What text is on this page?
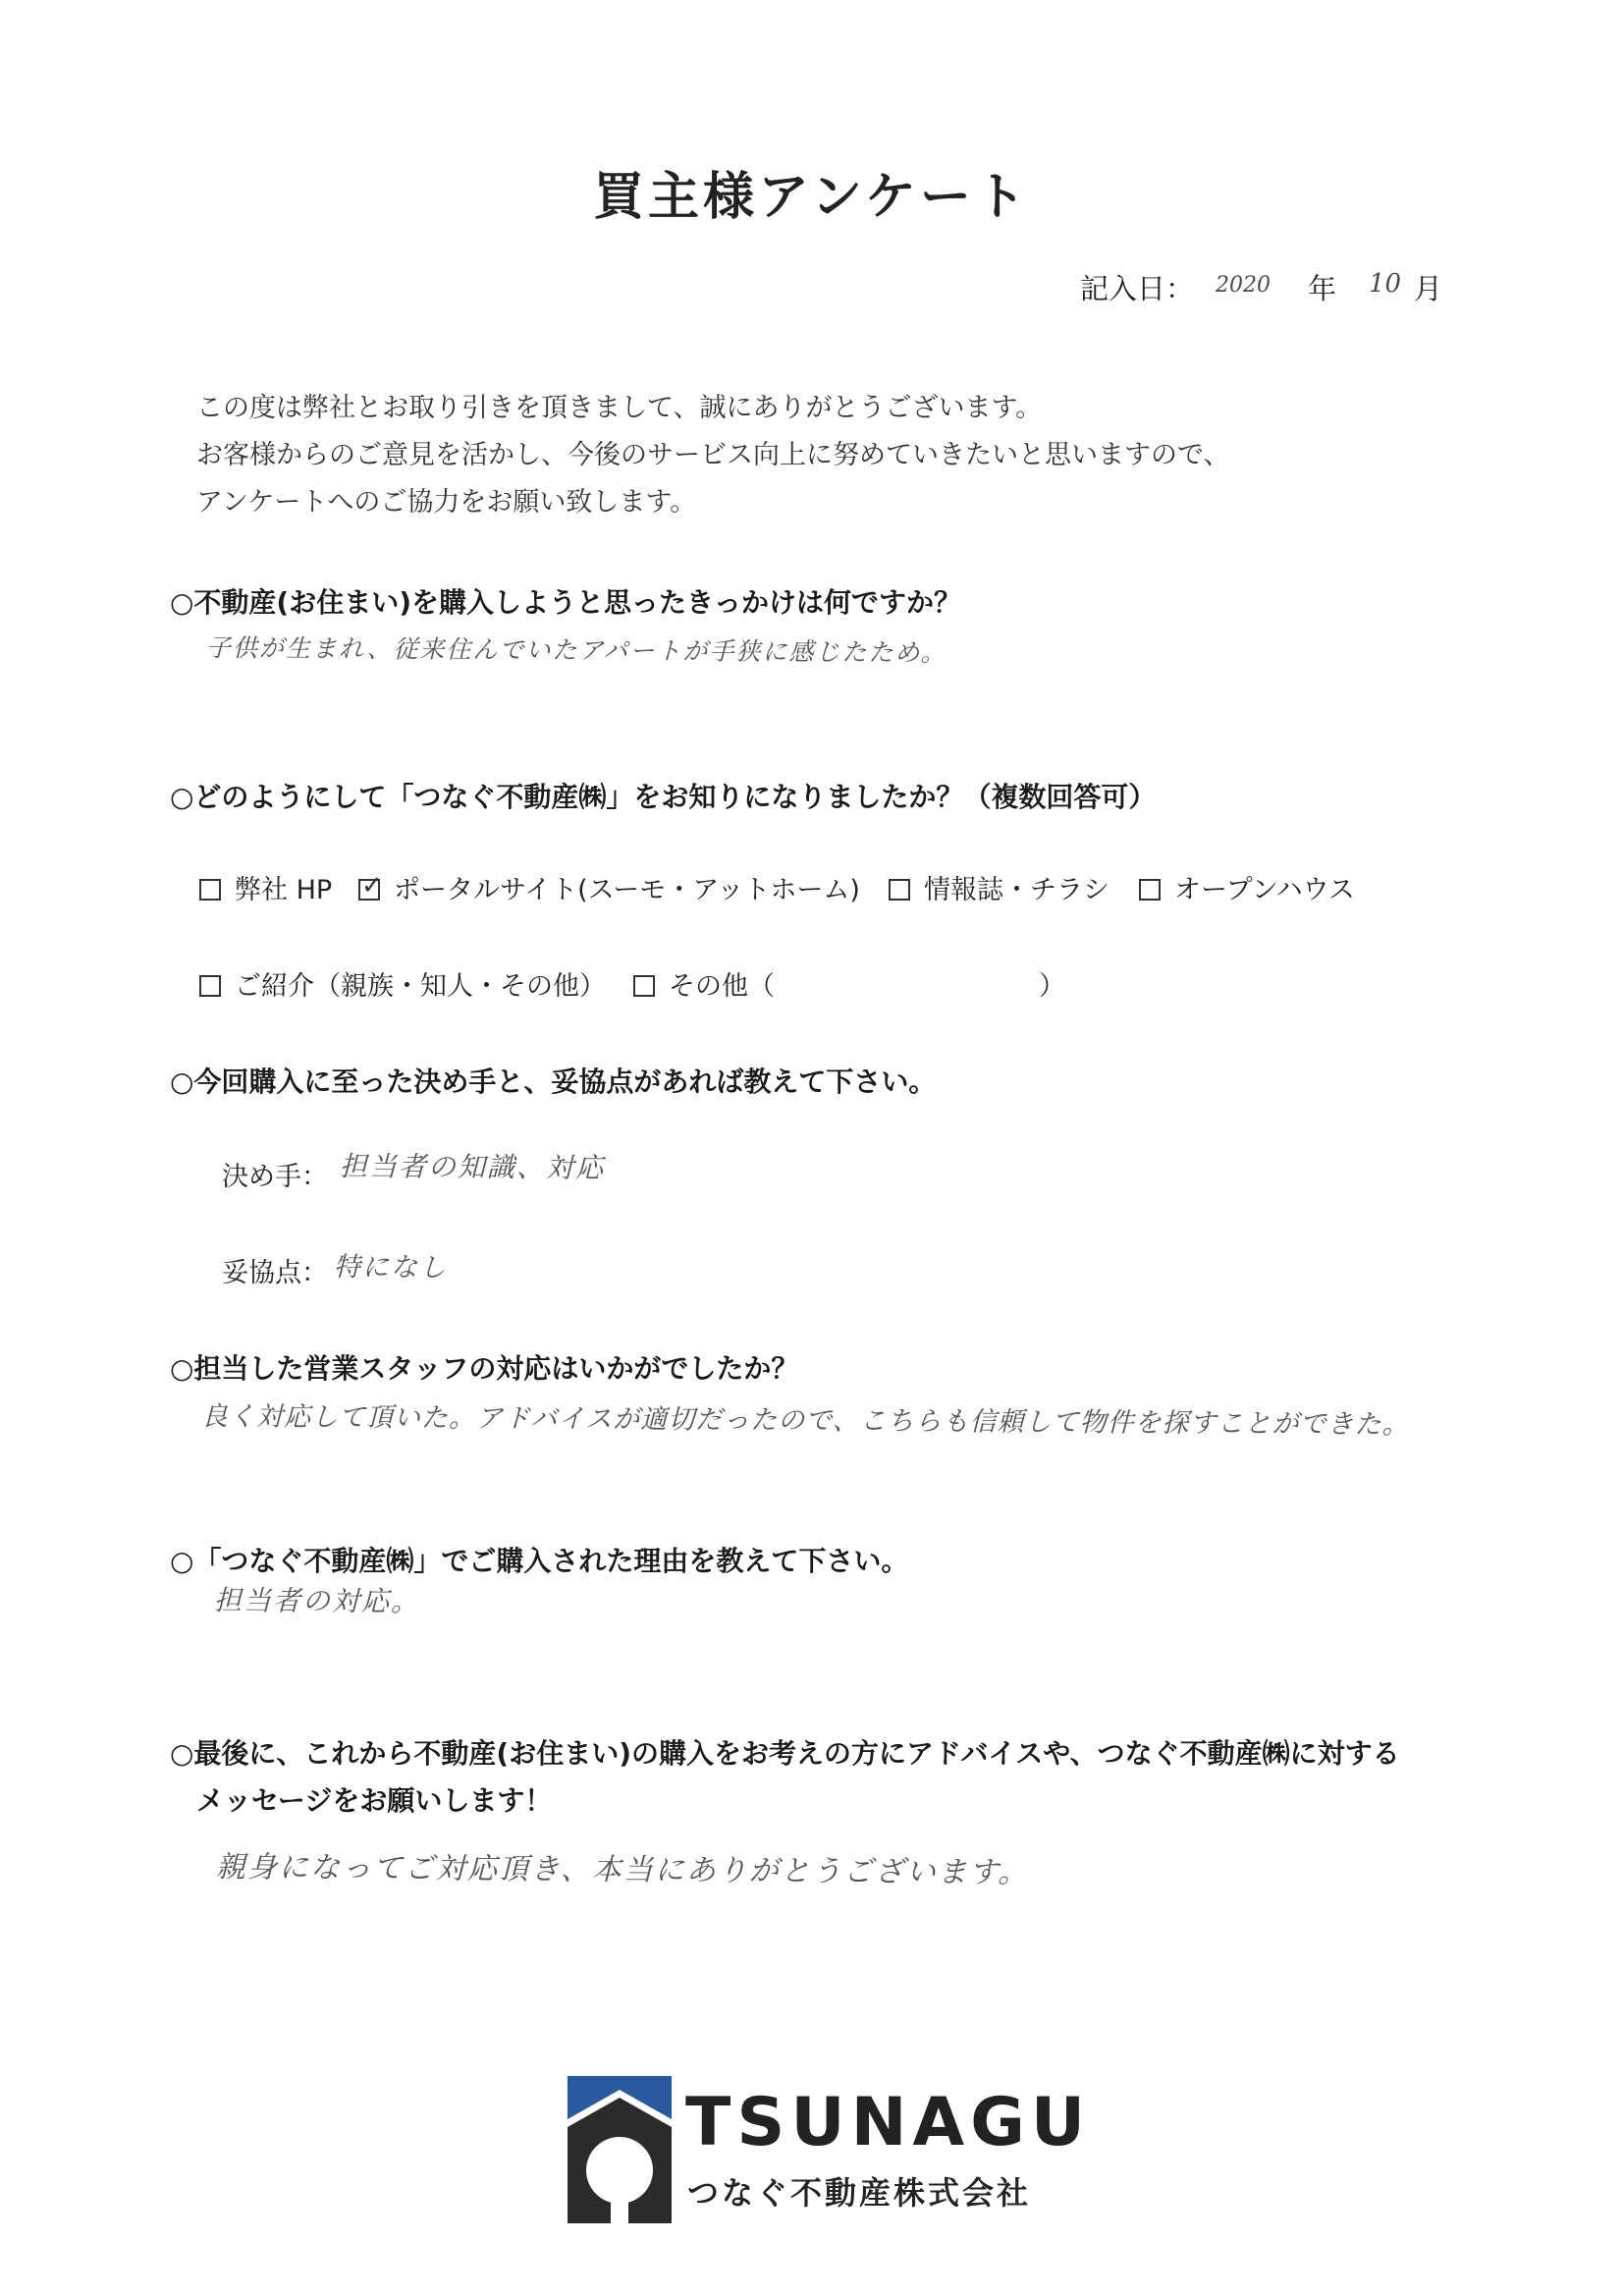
買主様アンケート
記入日： 2020 年 10 月
この度は弊社とお取り引きを頂きまして、誠にありがとうございます。
お客様からのご意見を活かし、今後のサービス向上に努めていきたいと思いますので、
アンケートへのご協力をお願い致します。
○不動産(お住まい)を購入しようと思ったきっかけは何ですか？
子供が生まれ、従来住んでいたアパートが手狭に感じたため。
○どのようにして「つなぐ不動産㈱」をお知りになりましたか？（複数回答可）
弊社 HP ✓ ポータルサイト(スーモ・アットホーム)	情報誌・チラシ	オープンハウス
ご紹介（親族・知人・その他）	その他（	）
○今回購入に至った決め手と、妥協点があれば教えて下さい。
決め手： 担当者の知識、対応
妥協点： 特になし
○担当した営業スタッフの対応はいかがでしたか？
良く対応して頂いた。アドバイスが適切だったので、こちらも信頼して物件を探すことができた。
○「つなぐ不動産㈱」でご購入された理由を教えて下さい。
担当者の対応。
○最後に、これから不動産(お住まい)の購入をお考えの方にアドバイスや、つなぐ不動産㈱に対する
メッセージをお願いします！
親身になってご対応頂き、本当にありがとうございます。
TSUNAGU
つなぐ不動産株式会社
